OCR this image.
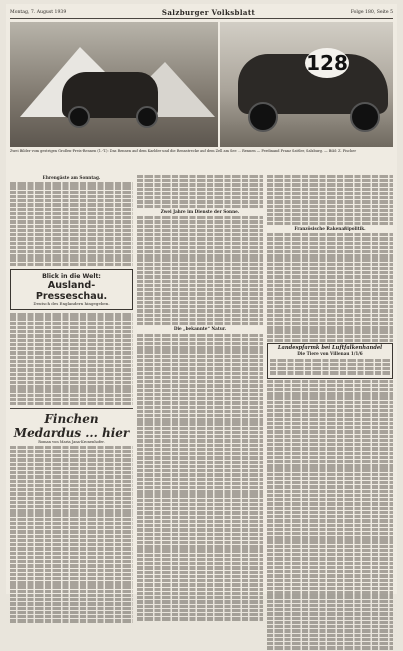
Montag, 7. August 1939	Salzburger Volksblatt	Folge 180, Seite 5
128
Zwei Bilder vom gestrigen Großen-Preis-Rennen (1.-T.): Das Rennen auf dem Karlder und die Rennstrecke auf dem Zell am See ... Rennen — Ferdinand Franz Sattler, Salzburg. — Bild: Z. Fischer
Ehrengäste am Sonntag.
Blick in die Welt:
Ausland-Presseschau.
Deutsch des Englandern hingegeben.
Finchen Medardus ... hier
Roman von Maria Jana-Kronenhofer.
Zwei Jahre im Dienste der Sonne.
Die „bekannte“ Natur.
Französische Rakenaßipolitik.
Landespfarmk bei Luftfalkenhandel
Die Tiere von Villenau 1/1/6
